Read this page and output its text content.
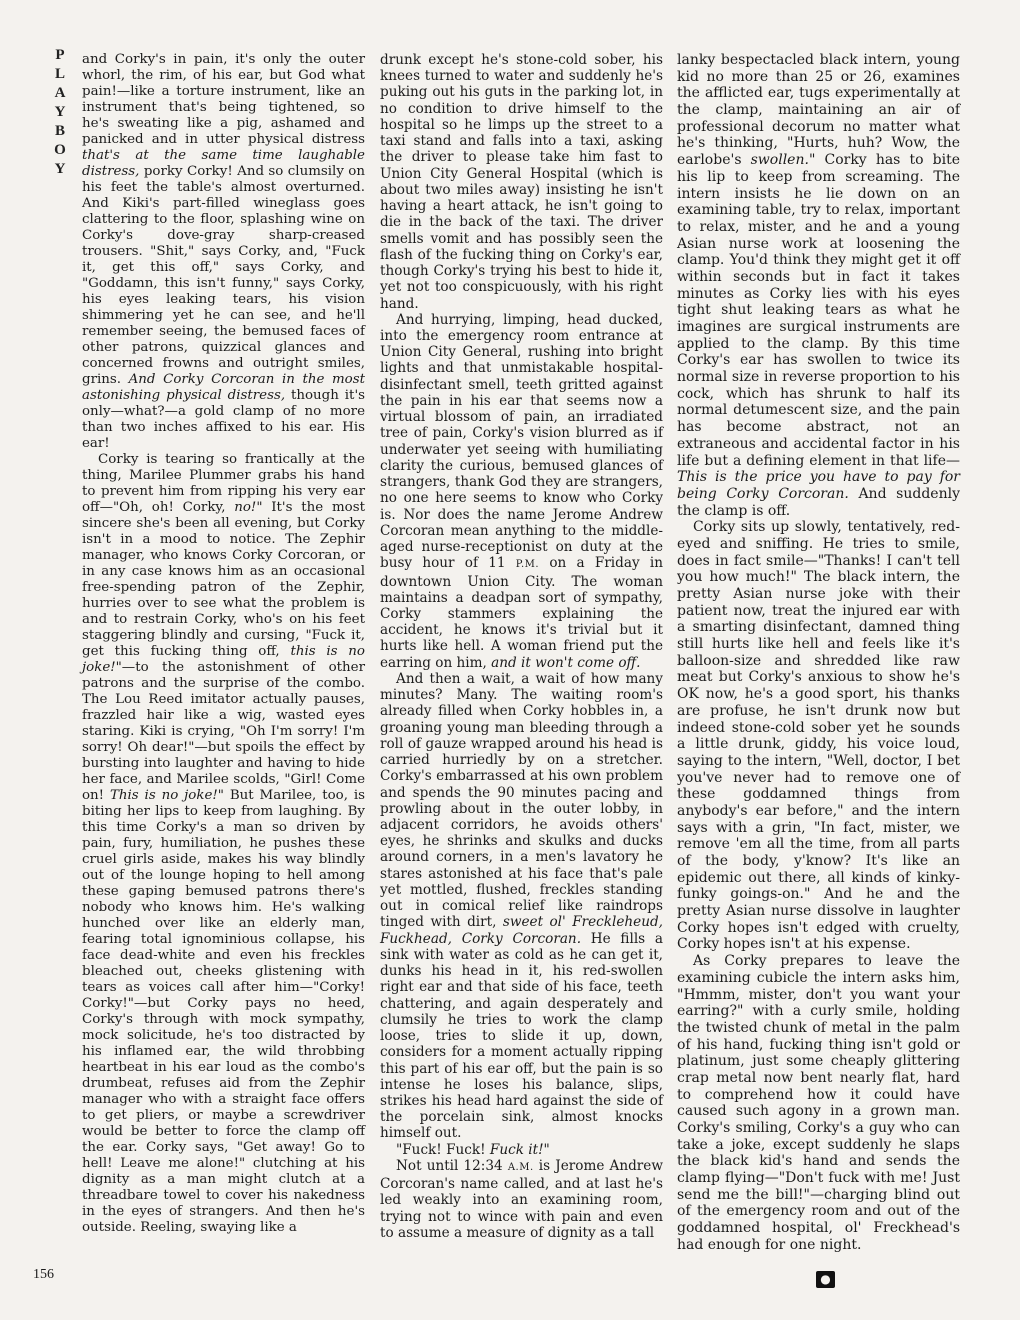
P
L
A
Y
B
O
Y

and Corky's in pain, it's only the outer whorl, the rim, of his ear, but God what pain!—like a torture instrument, like an instrument that's being tightened, so he's sweating like a pig, ashamed and panicked and in utter physical distress that's at the same time laughable distress, porky Corky! And so clumsily on his feet the table's almost overturned. And Kiki's part-filled wineglass goes clattering to the floor, splashing wine on Corky's dove-gray sharp-creased trousers. "Shit," says Corky, and, "Fuck it, get this off," says Corky, and "Goddamn, this isn't funny," says Corky, his eyes leaking tears, his vision shimmering yet he can see, and he'll remember seeing, the bemused faces of other patrons, quizzical glances and concerned frowns and outright smiles, grins. And Corky Corcoran in the most astonishing physical distress, though it's only—what?—a gold clamp of no more than two inches affixed to his ear. His ear!

Corky is tearing so frantically at the thing, Marilee Plummer grabs his hand to prevent him from ripping his very ear off—"Oh, oh! Corky, no!" It's the most sincere she's been all evening, but Corky isn't in a mood to notice. The Zephir manager, who knows Corky Corcoran, or in any case knows him as an occasional free-spending patron of the Zephir, hurries over to see what the problem is and to restrain Corky, who's on his feet staggering blindly and cursing, "Fuck it, get this fucking thing off, this is no joke!"—to the astonishment of other patrons and the surprise of the combo. The Lou Reed imitator actually pauses, frazzled hair like a wig, wasted eyes staring. Kiki is crying, "Oh I'm sorry! I'm sorry! Oh dear!"—but spoils the effect by bursting into laughter and having to hide her face, and Marilee scolds, "Girl! Come on! This is no joke!" But Marilee, too, is biting her lips to keep from laughing. By this time Corky's a man so driven by pain, fury, humiliation, he pushes these cruel girls aside, makes his way blindly out of the lounge hoping to hell among these gaping bemused patrons there's nobody who knows him. He's walking hunched over like an elderly man, fearing total ignominious collapse, his face dead-white and even his freckles bleached out, cheeks glistening with tears as voices call after him—"Corky! Corky!"—but Corky pays no heed, Corky's through with mock sympathy, mock solicitude, he's too distracted by his inflamed ear, the wild throbbing heartbeat in his ear loud as the combo's drumbeat, refuses aid from the Zephir manager who with a straight face offers to get pliers, or maybe a screwdriver would be better to force the clamp off the ear. Corky says, "Get away! Go to hell! Leave me alone!" clutching at his dignity as a man might clutch at a threadbare towel to cover his nakedness in the eyes of strangers. And then he's outside. Reeling, swaying like a

drunk except he's stone-cold sober, his knees turned to water and suddenly he's puking out his guts in the parking lot, in no condition to drive himself to the hospital so he limps up the street to a taxi stand and falls into a taxi, asking the driver to please take him fast to Union City General Hospital (which is about two miles away) insisting he isn't having a heart attack, he isn't going to die in the back of the taxi. The driver smells vomit and has possibly seen the flash of the fucking thing on Corky's ear, though Corky's trying his best to hide it, yet not too conspicuously, with his right hand.

And hurrying, limping, head ducked, into the emergency room entrance at Union City General, rushing into bright lights and that unmistakable hospital-disinfectant smell, teeth gritted against the pain in his ear that seems now a virtual blossom of pain, an irradiated tree of pain, Corky's vision blurred as if underwater yet seeing with humiliating clarity the curious, bemused glances of strangers, thank God they are strangers, no one here seems to know who Corky is. Nor does the name Jerome Andrew Corcoran mean anything to the middle-aged nurse-receptionist on duty at the busy hour of 11 P.M. on a Friday in downtown Union City. The woman maintains a deadpan sort of sympathy, Corky stammers explaining the accident, he knows it's trivial but it hurts like hell. A woman friend put the earring on him, and it won't come off.

And then a wait, a wait of how many minutes? Many. The waiting room's already filled when Corky hobbles in, a groaning young man bleeding through a roll of gauze wrapped around his head is carried hurriedly by on a stretcher. Corky's embarrassed at his own problem and spends the 90 minutes pacing and prowling about in the outer lobby, in adjacent corridors, he avoids others' eyes, he shrinks and skulks and ducks around corners, in a men's lavatory he stares astonished at his face that's pale yet mottled, flushed, freckles standing out in comical relief like raindrops tinged with dirt, sweet ol' Freckleheud, Fuckhead, Corky Corcoran. He fills a sink with water as cold as he can get it, dunks his head in it, his red-swollen right ear and that side of his face, teeth chattering, and again desperately and clumsily he tries to work the clamp loose, tries to slide it up, down, considers for a moment actually ripping this part of his ear off, but the pain is so intense he loses his balance, slips, strikes his head hard against the side of the porcelain sink, almost knocks himself out.

"Fuck! Fuck! Fuck it!"

Not until 12:34 A.M. is Jerome Andrew Corcoran's name called, and at last he's led weakly into an examining room, trying not to wince with pain and even to assume a measure of dignity as a tall

lanky bespectacled black intern, young kid no more than 25 or 26, examines the afflicted ear, tugs experimentally at the clamp, maintaining an air of professional decorum no matter what he's thinking, "Hurts, huh? Wow, the earlobe's swollen." Corky has to bite his lip to keep from screaming. The intern insists he lie down on an examining table, try to relax, important to relax, mister, and he and a young Asian nurse work at loosening the clamp. You'd think they might get it off within seconds but in fact it takes minutes as Corky lies with his eyes tight shut leaking tears as what he imagines are surgical instruments are applied to the clamp. By this time Corky's ear has swollen to twice its normal size in reverse proportion to his cock, which has shrunk to half its normal detumescent size, and the pain has become abstract, not an extraneous and accidental factor in his life but a defining element in that life—This is the price you have to pay for being Corky Corcoran. And suddenly the clamp is off.

Corky sits up slowly, tentatively, red-eyed and sniffing. He tries to smile, does in fact smile—"Thanks! I can't tell you how much!" The black intern, the pretty Asian nurse joke with their patient now, treat the injured ear with a smarting disinfectant, damned thing still hurts like hell and feels like it's balloon-size and shredded like raw meat but Corky's anxious to show he's OK now, he's a good sport, his thanks are profuse, he isn't drunk now but indeed stone-cold sober yet he sounds a little drunk, giddy, his voice loud, saying to the intern, "Well, doctor, I bet you've never had to remove one of these goddamned things from anybody's ear before," and the intern says with a grin, "In fact, mister, we remove 'em all the time, from all parts of the body, y'know? It's like an epidemic out there, all kinds of kinky-funky goings-on." And he and the pretty Asian nurse dissolve in laughter Corky hopes isn't edged with cruelty, Corky hopes isn't at his expense.

As Corky prepares to leave the examining cubicle the intern asks him, "Hmmm, mister, don't you want your earring?" with a curly smile, holding the twisted chunk of metal in the palm of his hand, fucking thing isn't gold or platinum, just some cheaply glittering crap metal now bent nearly flat, hard to comprehend how it could have caused such agony in a grown man. Corky's smiling, Corky's a guy who can take a joke, except suddenly he slaps the black kid's hand and sends the clamp flying—"Don't fuck with me! Just send me the bill!"—charging blind out of the emergency room and out of the goddamned hospital, ol' Freckhead's had enough for one night.

156	●
